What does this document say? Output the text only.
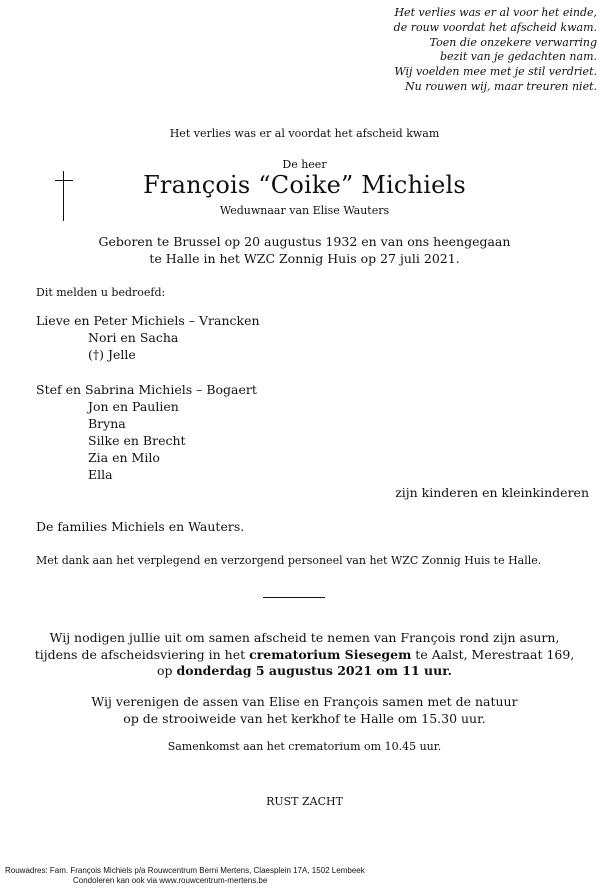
Het verlies was er al voor het einde,
de rouw voordat het afscheid kwam.
Toen die onzekere verwarring
bezit van je gedachten nam.
Wij voelden mee met je stil verdriet.
Nu rouwen wij, maar treuren niet.
Het verlies was er al voordat het afscheid kwam
De heer
François “Coike” Michiels
Weduwnaar van Elise Wauters
Geboren te Brussel op 20 augustus 1932 en van ons heengegaan
te Halle in het WZC Zonnig Huis op 27 juli 2021.
Dit melden u bedroefd:
Lieve en Peter Michiels – Vrancken
Nori en Sacha
(†) Jelle
Stef en Sabrina Michiels – Bogaert
Jon en Paulien
Bryna
Silke en Brecht
Zia en Milo
Ella
zijn kinderen en kleinkinderen
De families Michiels en Wauters.
Met dank aan het verplegend en verzorgend personeel van het WZC Zonnig Huis te Halle.
Wij nodigen jullie uit om samen afscheid te nemen van François rond zijn asurn,
tijdens de afscheidsviering in het crematorium Siesegem te Aalst, Merestraat 169,
op donderdag 5 augustus 2021 om 11 uur.
Wij verenigen de assen van Elise en François samen met de natuur
op de strooiweide van het kerkhof te Halle om 15.30 uur.
Samenkomst aan het crematorium om 10.45 uur.
RUST ZACHT
Rouwadres: Fam. François Michiels p/a Rouwcentrum Berni Mertens, Claesplein 17A, 1502 Lembeek
Condoleren kan ook via www.rouwcentrum-mertens.be
